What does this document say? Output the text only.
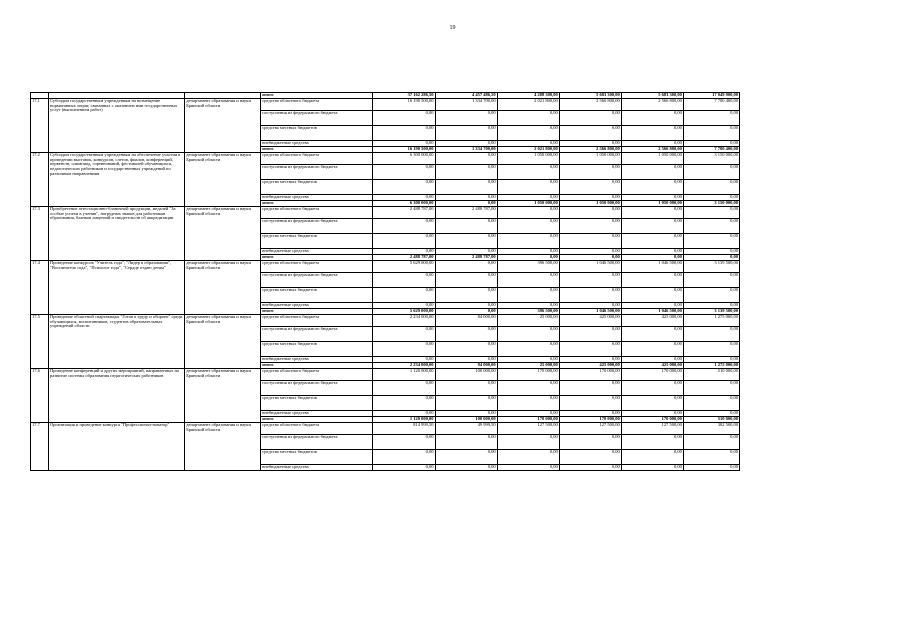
19
			итого	37 162 286,50	4 457 486,50	4 288 300,00	5 683 300,00	5 683 300,00	17 049 900,00
17.1	Субсидии государственным учреждениям на возмещение нормативных затрат, связанных с оказанием ими государственных услуг (выполнением работ)	департамент образования и науки Брянской области	средства областного бюджета	16 190 500,00	1 334 700,00	2 021 800,00	2 566 800,00	2 566 800,00	7 700 400,00
			поступления из федерального бюджета	0,00	0,00	0,00	0,00	0,00	0,00
			средства местных бюджетов	0,00	0,00	0,00	0,00	0,00	0,00
			внебюджетные средства	0,00	0,00	0,00	0,00	0,00	0,00
			итого	16 190 500,00	1 334 700,00	2 021 800,00	2 566 800,00	2 566 800,00	7 700 400,00
17.2	Субсидии государственным учреждениям на обеспечение участия в проведении выставок, конкурсов, слетов, фиалов, конференций, первенств, олимпиад, соревнований, фестивалей обучающихся, педагогических работников и государственных учреждений по различным направлениям	департамент образования и науки Брянской области	средства областного бюджета	6 300 000,00	0,00	1 050 000,00	1 050 000,00	1 050 000,00	3 150 000,00
			поступления из федерального бюджета	0,00	0,00	0,00	0,00	0,00	0,00
			средства местных бюджетов	0,00	0,00	0,00	0,00	0,00	0,00
			внебюджетные средства	0,00	0,00	0,00	0,00	0,00	0,00
			итого	6 300 000,00	0,00	1 050 000,00	1 050 000,00	1 050 000,00	3 150 000,00
17.3	Приобретение аттестационно-бланочной продукции, медалей "За особые успехи в учении", нагрудных знаков для работников образования, бланков лицензий и свидетельств об аккредитации	департамент образования и науки Брянской области	средства областного бюджета	2 488 787,00	2 488 787,00	0,00	0,00	0,00	0,00
			поступления из федерального бюджета	0,00	0,00	0,00	0,00	0,00	0,00
			средства местных бюджетов	0,00	0,00	0,00	0,00	0,00	0,00
			внебюджетные средства	0,00	0,00	0,00	0,00	0,00	0,00
			итого	2 488 787,00	2 488 787,00	0,00	0,00	0,00	0,00
17.4	Проведение конкурсов "Учитель года", "Лидер в образовании", "Воспитатель года", "Психолог года", "Сердце отдаю детям"	департамент образования и науки Брянской области	средства областного бюджета	5 629 000,00	0,00	396 500,00	1 046 500,00	1 046 500,00	3 139 500,00
			поступления из федерального бюджета	0,00	0,00	0,00	0,00	0,00	0,00
			средства местных бюджетов	0,00	0,00	0,00	0,00	0,00	0,00
			внебюджетные средства	0,00	0,00	0,00	0,00	0,00	0,00
			итого	5 629 000,00	0,00	396 500,00	1 046 500,00	1 046 500,00	3 139 500,00
17.5	Проведение областной спартакиады "Готов к труду и обороне" среди обучающихся, воспитанников, студентов образовательных учреждений области	департамент образования и науки Брянской области	средства областного бюджета	2 234 000,00	84 000,00	25 000,00	425 000,00	425 000,00	1 275 000,00
			поступления из федерального бюджета	0,00	0,00	0,00	0,00	0,00	0,00
			средства местных бюджетов	0,00	0,00	0,00	0,00	0,00	0,00
			внебюджетные средства	0,00	0,00	0,00	0,00	0,00	0,00
			итого	2 234 000,00	84 000,00	25 000,00	425 000,00	425 000,00	1 275 000,00
17.6	Проведение конференций и других мероприятий, направленных на развитие системы образования педагогических работников	департамент образования и науки Брянской области	средства областного бюджета	1 120 000,00	100 000,00	170 000,00	170 000,00	170 000,00	510 000,00
			поступления из федерального бюджета	0,00	0,00	0,00	0,00	0,00	0,00
			средства местных бюджетов	0,00	0,00	0,00	0,00	0,00	0,00
			внебюджетные средства	0,00	0,00	0,00	0,00	0,00	0,00
			итого	1 120 000,00	100 000,00	170 000,00	170 000,00	170 000,00	510 000,00
17.7	Организация и проведение конкурса "Профессионал-новатор"	департамент образования и науки Брянской области	средства областного бюджета	814 999,50	49 999,50	127 500,00	127 500,00	127 500,00	382 500,00
			поступления из федерального бюджета	0,00	0,00	0,00	0,00	0,00	0,00
			средства местных бюджетов	0,00	0,00	0,00	0,00	0,00	0,00
			внебюджетные средства	0,00	0,00	0,00	0,00	0,00	0,00
